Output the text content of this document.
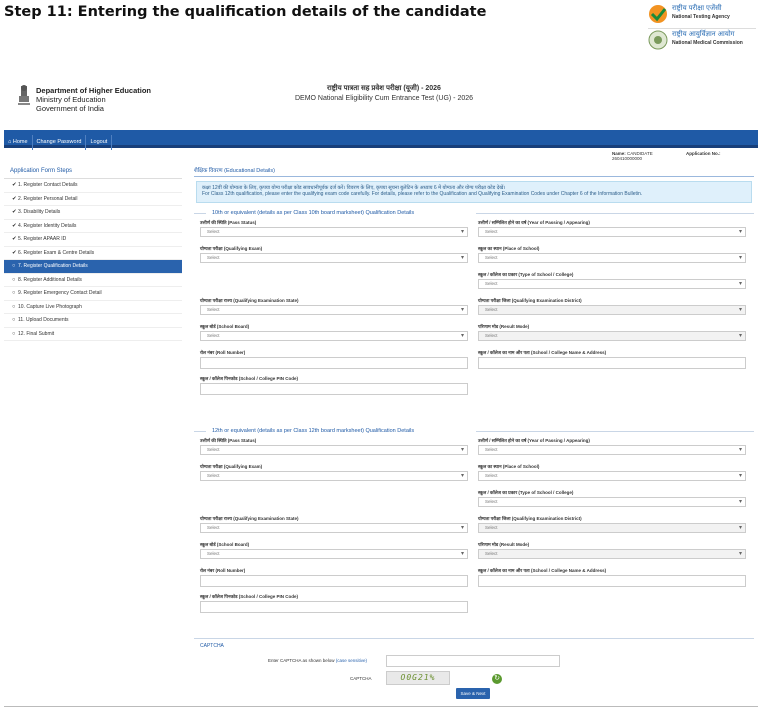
Step 11: Entering the qualification details of the candidate
Department of Higher Education
Ministry of Education
Government of India
राष्ट्रीय पात्रता सह प्रवेश परीक्षा (यूजी) - 2026
DEMO National Eligibility Cum Entrance Test (UG) - 2026
राष्ट्रीय परीक्षा एजेंसी
National Testing Agency
राष्ट्रीय आयुर्विज्ञान आयोग
National Medical Commission
⌂ Home Change Password Logout
Name: CANDIDATE	Application No.: 260410000000
Application Form Steps
✔1. Register Contact Details
✔2. Register Personal Detail
✔3. Disability Details
✔4. Register Identity Details
✔5. Register APAAR ID
✔6. Register Exam & Centre Details
○ 7. Register Qualification Details
○ 8. Register Additional Details
○ 9. Register Emergency Contact Detail
○ 10. Capture Live Photograph
○ 11. Upload Documents
○ 12. Final Submit
शैक्षिक विवरण (Educational Details)
कक्षा 12वीं की योग्यता के लिए, कृपया योग्य परीक्षा कोड सावधानीपूर्वक दर्ज करें। विवरण के लिए, कृपया सूचना बुलेटिन के अध्याय 6 में योग्यता और योग्य परीक्षा कोड देखें।
For Class 12th qualification, please enter the qualifying exam code carefully. For details, please refer to the Qualification and Qualifying Examination Codes under Chapter 6 of the Information Bulletin.
10th or equivalent (details as per Class 10th board marksheet) Qualification Details
उत्तीर्ण की स्थिति (Pass Status)
Select ▾
उत्तीर्ण / सम्मिलित होने का वर्ष (Year of Passing / Appearing)
Select ▾
योग्यता परीक्षा (Qualifying Exam)
Select ▾
स्कूल का स्थान (Place of School)
Select ▾
स्कूल / कॉलेज का प्रकार (Type of School / College)
Select ▾
योग्यता परीक्षा राज्य (Qualifying Examination State)
Select ▾
योग्यता परीक्षा जिला (Qualifying Examination District)
Select ▾
स्कूल बोर्ड (School Board)
Select ▾
परिणाम मोड (Result Mode)
Select ▾
रोल नंबर (Roll Number)	स्कूल / कॉलेज का नाम और पता (School / College Name & Address)
स्कूल / कॉलेज पिनकोड (School / College PIN Code)
12th or equivalent (details as per Class 12th board marksheet) Qualification Details
उत्तीर्ण की स्थिति (Pass Status)
Select ▾
उत्तीर्ण / सम्मिलित होने का वर्ष (Year of Passing / Appearing)
Select ▾
योग्यता परीक्षा (Qualifying Exam)
Select ▾
स्कूल का स्थान (Place of School)
Select ▾
स्कूल / कॉलेज का प्रकार (Type of School / College)
Select ▾
योग्यता परीक्षा राज्य (Qualifying Examination State)
Select ▾
योग्यता परीक्षा जिला (Qualifying Examination District)
Select ▾
स्कूल बोर्ड (School Board)
Select ▾
परिणाम मोड (Result Mode)
Select ▾
रोल नंबर (Roll Number)	स्कूल / कॉलेज का नाम और पता (School / College Name & Address)
स्कूल / कॉलेज पिनकोड (School / College PIN Code)
CAPTCHA
Enter CAPTCHA as shown below (case sensitive)
CAPTCHA	O0G21%	↻
Save & Next
